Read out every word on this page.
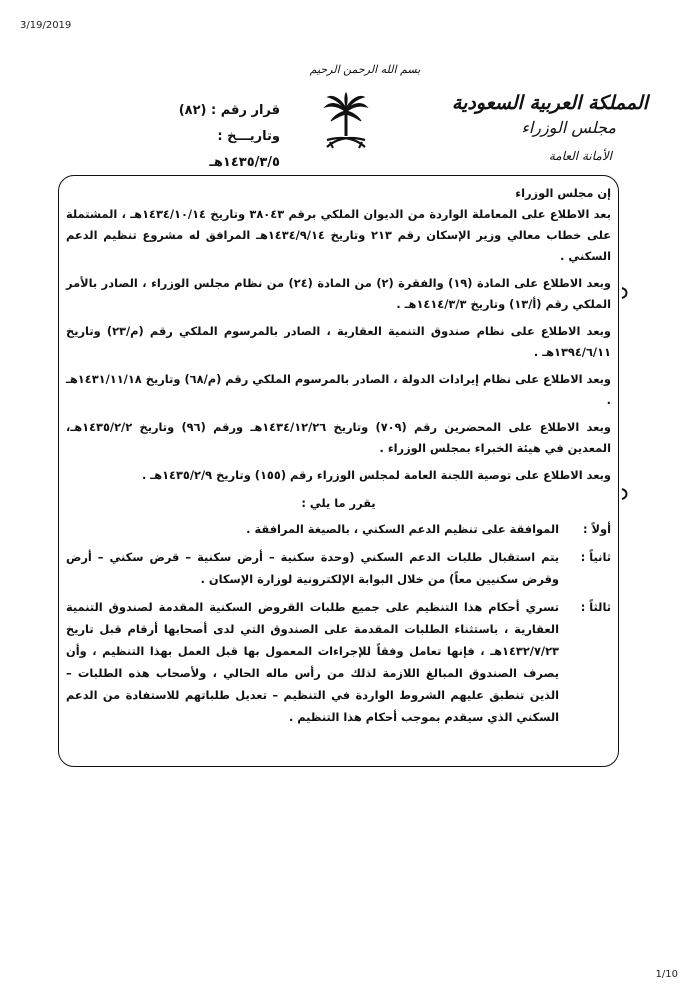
3/19/2019
بسم الله الرحمن الرحيم
المملكة العربية السعودية
مجلس الوزراء
الأمانة العامة
قرار رقم : (٨٢)
وتاريـــخ : ١٤٣٥/٣/٥هـ

إن مجلس الوزراء

بعد الاطلاع على المعاملة الواردة من الديوان الملكي برقم ٣٨٠٤٣ وتاريخ ١٤٣٤/١٠/١٤هـ ، المشتملة على خطاب معالي وزير الإسكان رقم ٢١٣ وتاريخ ١٤٣٤/٩/١٤هـ المرافق له مشروع تنظيم الدعم السكني .

وبعد الاطلاع على المادة (١٩) والفقرة (٢) من المادة (٢٤) من نظام مجلس الوزراء ، الصادر بالأمر الملكي رقم (أ/١٣) وتاريخ ١٤١٤/٣/٣هـ .

وبعد الاطلاع على نظام صندوق التنمية العقارية ، الصادر بالمرسوم الملكي رقم (م/٢٣) وتاريخ ١٣٩٤/٦/١١هـ .

وبعد الاطلاع على نظام إيرادات الدولة ، الصادر بالمرسوم الملكي رقم (م/٦٨) وتاريخ ١٤٣١/١١/١٨هـ .

وبعد الاطلاع على المحضرين رقم (٧٠٩) وتاريخ ١٤٣٤/١٢/٢٦هـ ورقم (٩٦) وتاريخ ١٤٣٥/٢/٢هـ، المعدين في هيئة الخبراء بمجلس الوزراء .

وبعد الاطلاع على توصية اللجنة العامة لمجلس الوزراء رقم (١٥٥) وتاريخ ١٤٣٥/٢/٩هـ .

يقرر ما يلي :

أولاً :
الموافقة على تنظيم الدعم السكني ، بالصيغة المرافقة .
ثانياً :
يتم استقبال طلبات الدعم السكني (وحدة سكنية – أرض سكنية – قرض سكني – أرض وقرض سكنيين معاً) من خلال البوابة الإلكترونية لوزارة الإسكان .
ثالثاً :
تسري أحكام هذا التنظيم على جميع طلبات القروض السكنية المقدمة لصندوق التنمية العقارية ، باستثناء الطلبات المقدمة على الصندوق التي لدى أصحابها أرقام قبل تاريخ ١٤٣٢/٧/٢٣هـ ، فإنها تعامل وفقاً للإجراءات المعمول بها قبل العمل بهذا التنظيم ، وأن يصرف الصندوق المبالغ اللازمة لذلك من رأس ماله الحالي ، ولأصحاب هذه الطلبات – الذين تنطبق عليهم الشروط الواردة في التنظيم – تعديل طلباتهم للاستفادة من الدعم السكني الذي سيقدم بموجب أحكام هذا التنظيم .
1/10
